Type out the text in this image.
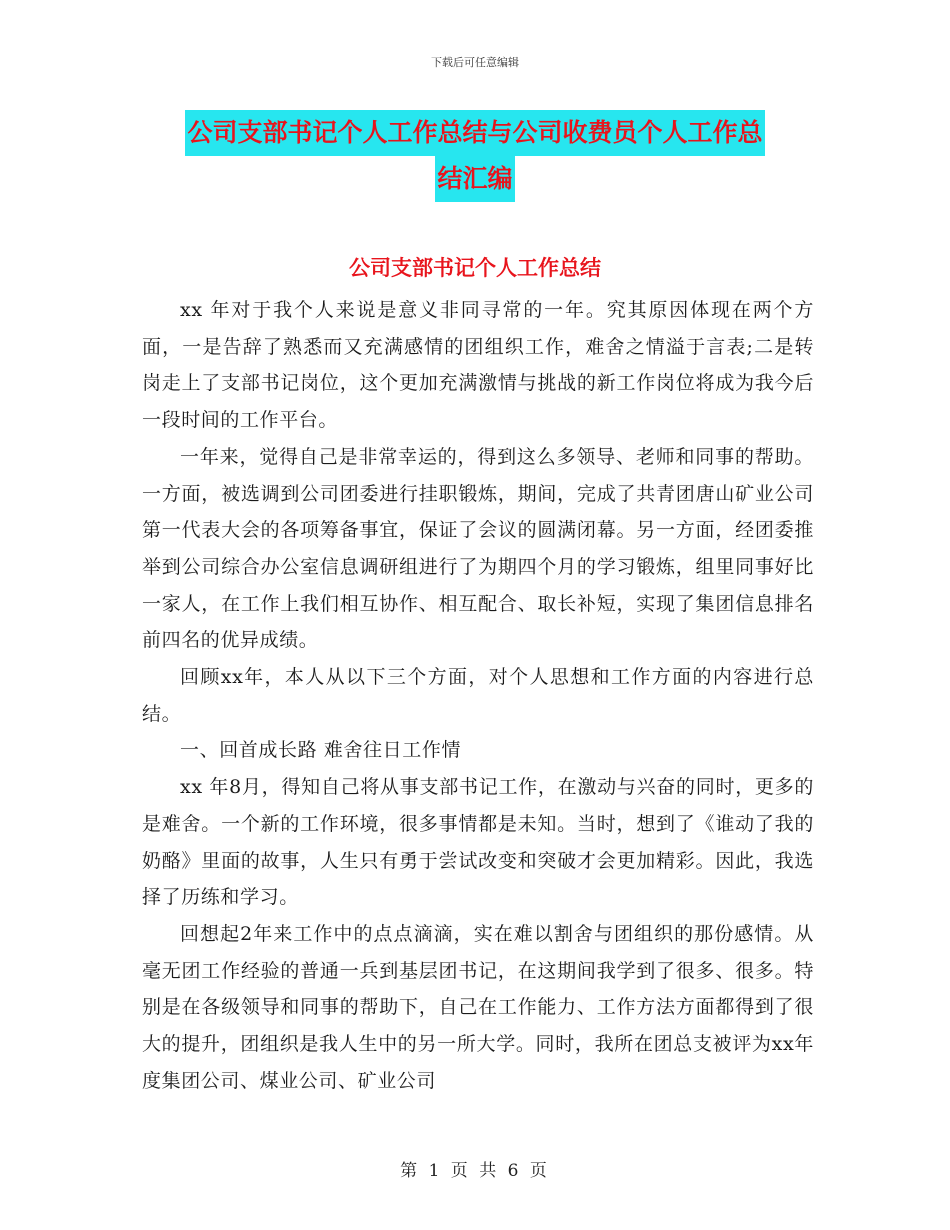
下载后可任意编辑
公司支部书记个人工作总结与公司收费员个人工作总
结汇编
公司支部书记个人工作总结

xx 年对于我个人来说是意义非同寻常的一年。究其原因体现在两个方面，一是告辞了熟悉而又充满感情的团组织工作，难舍之情溢于言表;二是转岗走上了支部书记岗位，这个更加充满激情与挑战的新工作岗位将成为我今后一段时间的工作平台。

一年来，觉得自己是非常幸运的，得到这么多领导、老师和同事的帮助。一方面，被选调到公司团委进行挂职锻炼，期间，完成了共青团唐山矿业公司第一代表大会的各项筹备事宜，保证了会议的圆满闭幕。另一方面，经团委推举到公司综合办公室信息调研组进行了为期四个月的学习锻炼，组里同事好比一家人，在工作上我们相互协作、相互配合、取长补短，实现了集团信息排名前四名的优异成绩。

回顾xx年，本人从以下三个方面，对个人思想和工作方面的内容进行总结。

一、回首成长路 难舍往日工作情

xx 年8月，得知自己将从事支部书记工作，在激动与兴奋的同时，更多的是难舍。一个新的工作环境，很多事情都是未知。当时，想到了《谁动了我的奶酪》里面的故事，人生只有勇于尝试改变和突破才会更加精彩。因此，我选择了历练和学习。

回想起2年来工作中的点点滴滴，实在难以割舍与团组织的那份感情。从毫无团工作经验的普通一兵到基层团书记，在这期间我学到了很多、很多。特别是在各级领导和同事的帮助下，自己在工作能力、工作方法方面都得到了很大的提升，团组织是我人生中的另一所大学。同时，我所在团总支被评为xx年度集团公司、煤业公司、矿业公司

第 1 页 共 6 页
